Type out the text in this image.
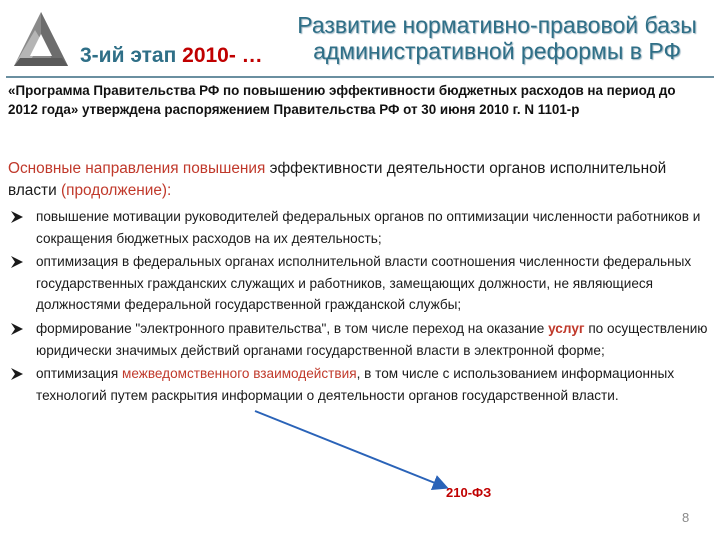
3-ий этап 2010- …
Развитие нормативно-правовой базы
административной реформы в РФ
«Программа Правительства РФ по повышению эффективности бюджетных расходов на период до 2012 года» утверждена распоряжением Правительства РФ от 30 июня 2010 г. N 1101-р
Основные направления повышения эффективности деятельности органов исполнительной власти (продолжение):
повышение мотивации руководителей федеральных органов по оптимизации численности работников и сокращения бюджетных расходов на их деятельность;
оптимизация в федеральных органах исполнительной власти соотношения численности федеральных государственных гражданских служащих и работников, замещающих должности, не являющиеся должностями федеральной государственной гражданской службы;
формирование "электронного правительства", в том числе переход на оказание услуг по осуществлению юридически значимых действий органами государственной власти в электронной форме;
оптимизация межведомственного взаимодействия, в том числе с использованием информационных технологий путем раскрытия информации о деятельности органов государственной власти.
210-ФЗ
8
